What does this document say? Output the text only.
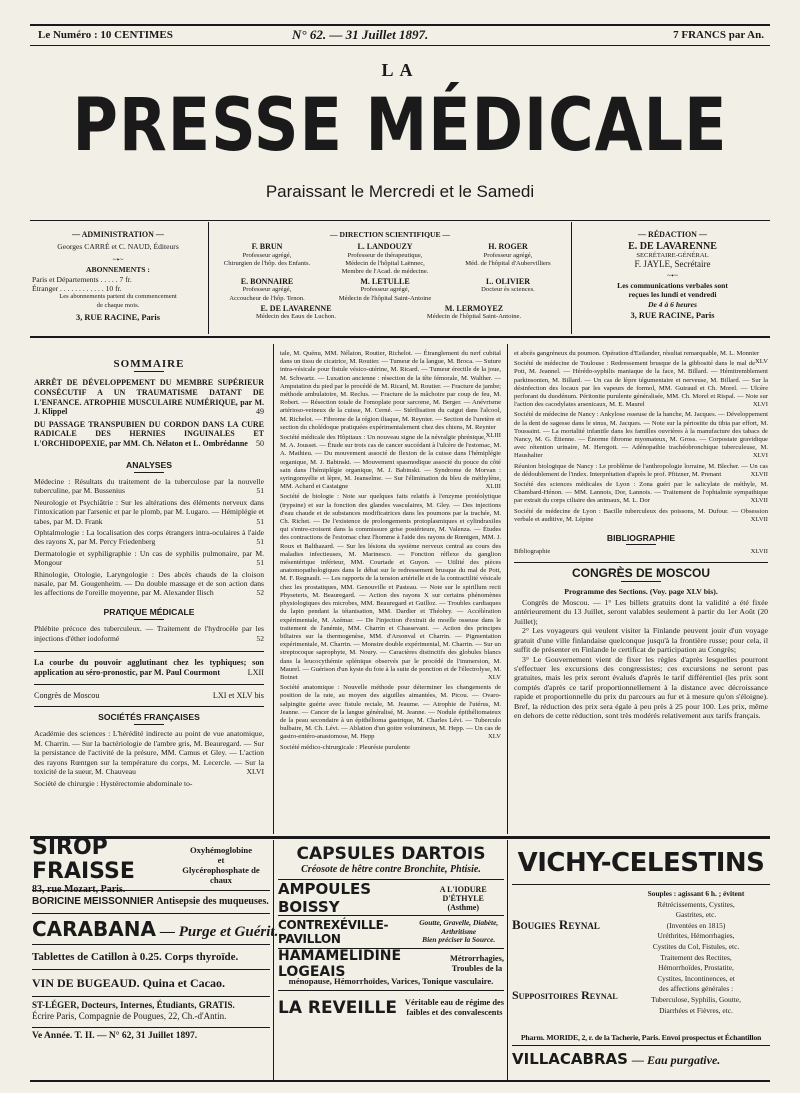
Le Numéro : 10 CENTIMES	N° 62. — 31 Juillet 1897.	7 FRANCS par An.
LA
PRESSE MÉDICALE
Paraissant le Mercredi et le Samedi
— ADMINISTRATION —
Georges CARRÉ et C. NAUD, Éditeurs
~•~
ABONNEMENTS :
Paris et Départements . . . . . 7 fr.
Étranger . . . . . . . . . . . . 10 fr.
Les abonnements partent du commencement
de chaque mois.
3, RUE RACINE, Paris
— DIRECTION SCIENTIFIQUE —
F. BRUN
Professeur agrégé,
Chirurgien de l'hôp. des Enfants.
L. LANDOUZY
Professeur de thérapeutique,
Médecin de l'hôpital Laënnec,
Membre de l'Acad. de médecine.
H. ROGER
Professeur agrégé,
Méd. de l'hôpital d'Aubervilliers
E. BONNAIRE
Professeur agrégé,
Accoucheur de l'hôp. Tenon.
M. LETULLE
Professeur agrégé,
Médecin de l'hôpital Saint-Antoine
L. OLIVIER
Docteur ès sciences.
E. DE LAVARENNE
Médecin des Eaux de Luchon.
M. LERMOYEZ
Médecin de l'hôpital Saint-Antoine.
— RÉDACTION —
E. DE LAVARENNE
SECRÉTAIRE-GÉNÉRAL
F. JAYLE, Secrétaire
~•~
Les communications verbales sont
reçues les lundi et vendredi
De 4 à 6 heures
3, RUE RACINE, Paris
SOMMAIRE

ARRÊT DE DÉVELOPPEMENT DU MEMBRE SUPÉRIEUR CONSÉCUTIF A UN TRAUMATISME DATANT DE L'ENFANCE. ATROPHIE MUSCULAIRE NUMÉRIQUE, par M. J. Klippel	49

DU PASSAGE TRANSPUBIEN DU CORDON DANS LA CURE RADICALE DES HERNIES INGUINALES ET L'ORCHIDOPEXIE, par MM. Ch. Nélaton et L. Ombrédanne 50

ANALYSES

Médecine : Résultats du traitement de la tuberculose par la nouvelle tuberculine, par M. Bussenius	51

Neurologie et Psychiâtrie : Sur les altérations des éléments nerveux dans l'intoxication par l'arsenic et par le plomb, par M. Lugaro. — Hémiplégie et tabes, par M. D. Frank	51

Ophtalmologie : La localisation des corps étrangers intra-oculaires à l'aide des rayons X, par M. Percy Friedenberg	51

Dermatologie et syphiligraphie : Un cas de syphilis pulmonaire, par M. Mongour	51

Rhinologie, Otologie, Laryngologie : Des abcès chauds de la cloison nasale, par M. Gougenheim. — Du double massage et de son action dans les affections de l'oreille moyenne, par M. Alexander Ilisch	52

PRATIQUE MÉDICALE

Phlébite précoce des tuberculeux. — Traitement de l'hydrocèle par les injections d'éther iodoformé	52

La courbe du pouvoir agglutinant chez les typhiques; son application au séro-pronostic, par M. Paul Courmont	LXII

Congrès de Moscou	LXI et XLV bis

SOCIÉTÉS FRANÇAISES

Académie des sciences : L'hérédité indirecte au point de vue anatomique, M. Charrin. — Sur la bactériologie de l'ambre gris, M. Beauregard. — Sur la persistance de l'activité de la présure, MM. Camus et Gley. — L'action des rayons Rœntgen sur la température du corps, M. Lecercle. — Sur la toxicité de la sueur, M. Chauveau	XLVI

Société de chirurgie : Hystérectomie abdominale to-

tale, M. Quénu, MM. Nélaton, Routier, Richelot. — Étranglement du nerf cubital dans un tissu de cicatrice, M. Routier. — Tumeur de la langue, M. Broca. — Suture intra-vésicale pour fistule vésico-utérine, M. Ricard. — Tumeur érectile de la joue, M. Schwartz. — Luxation ancienne : résection de la tête fémorale, M. Walther. — Amputation du pied par le procédé de M. Ricard, M. Routier. — Fracture de jambe; méthode ambulatoire, M. Reclus. — Fracture de la mâchoire par coup de feu, M. Robert. — Résection totale de l'omoplate pour sarcome, M. Berger. — Anévrisme artérioso-veineux de la cuisse, M. Cerné. — Stérilisation du catgut dans l'alcool, M. Richelot. — Fibrome de la région iliaque, M. Reynier. — Section de l'uretère et section du cholédoque pratiquées expérimentalement chez des chiens, M. Reynier
XLIII

Société médicale des Hôpitaux : Un nouveau signe de la névralgie phrénique, M. A. Jousset. — Étude sur trois cas de cancer succédant à l'ulcère de l'estomac, M. A. Mathieu. — Du mouvement associé de flexion de la cuisse dans l'hémiplégie organique, M. J. Babinski. — Mouvement spasmodique associé du pouce du côté sain dans l'hémiplégie organique, M. J. Babinski. — Syndrome de Morvan : syringomyélie et lèpre, M. Jeanselme. — Sur l'élimination du bleu de méthylène, MM. Achard et Castaigne	XLIII

Société de biologie : Note sur quelques faits relatifs à l'enzyme protéolytique (trypsine) et sur la fonction des glandes vasculaires, M. Gley. — Des injections d'eau chaude et de substances modificatrices dans les poumons par la trachée, M. Ch. Richet. — De l'existence de prolongements protoplasmiques et cylindraxiles qui s'entre-croisent dans la commissure grise postérieure, M. Valenza. — Études des contractions de l'estomac chez l'homme à l'aide des rayons de Rœntgen, MM. J. Roux et Balthazard. — Sur les lésions du système nerveux central au cours des maladies infectieuses, M. Marinesco. — Fonction réflexe du ganglion mésentérique inférieur, MM. Courtade et Guyon. — Utilité des pièces anatomopathologiques dans le débat sur le redressement brusque du mal de Pott, M. F. Regnault. — Les rapports de la tension artérielle et de la contractilité vésicale chez les prostatiques, MM. Genouville et Pasteau. — Note sur le spirillum recti Physeteris, M. Beauregard. — Action des rayons X sur certains phénomènes physiologiques des microbes, MM. Beauregard et Guilloz. — Troubles cardiaques du lapin pendant la tétanisation, MM. Dardier et Théobry. — Accélération expérimentale, M. Azémar. — De l'injection d'extrait de moelle osseuse dans le traitement de l'anémie, MM. Charrin et Chassevant. — Action des principes biliaires sur la thermogenèse, MM. d'Arsonval et Charrin. — Pigmentation expérimentale, M. Charrin. — Monstre double expérimental, M. Charrin. — Sur un streptocoque saprophyte, M. Noury. — Caractères distinctifs des globules blancs dans la leucocythémie splénique observés par le procédé de l'immersion, M. Maurel. — Guérison d'un kyste du foie à la suite de ponction et de l'électrolyse, M. Boinet	XLV

Société anatomique : Nouvelle méthode pour déterminer les changements de position de la rate, au moyen des aiguilles aimantées, M. Picou. — Ovaro-salpingite guérie avec fistule rectale, M. Jeaume. — Atrophie de l'utérus, M. Jeanne. — Cancer de la langue généralisé, M. Jeanne. — Nodule épithéliomateux de la peau secondaire à un épithélioma gastrique, M. Charles Lévi. — Tuberculo bulbaire, M. Ch. Lévi. — Ablation d'un goitre volumineux, M. Hepp. — Un cas de gastro-entéro-anastomose, M. Hepp	XLV

Société médico-chirurgicale : Pleurésie purulente

et abcès gangréneux du poumon. Opération d'Estlander, résultat remarquable, M. L. Monnier
XLV

Société de médecine de Toulouse : Redressement brusque de la gibbosité dans le mal de Pott, M. Jeannel. — Hérédo-syphilis maniaque de la face, M. Billard. — Hémitremblement parkinsonien, M. Billard. — Un cas de lèpre tégumentaire et nerveuse, M. Billard. — Sur la désinfection des locaux par les vapeurs de formol, MM. Guiraud et Ch. Morel. — Ulcère perforant du duodénum. Péritonite purulente généralisée, MM. Ch. Morel et Rispal. — Note sur l'action des cacodylates arsenicaux, M. E. Maurel	XLVI

Société de médecine de Nancy : Ankylose osseuse de la hanche, M. Jacques. — Développement de la dent de sagesse dans le sinus, M. Jacques. — Note sur la périostite du tibia par effort, M. Toussaint. — La mortalité infantile dans les familles ouvrières à la manufacture des tabacs de Nancy, M. G. Étienne. — Énorme fibrome myomateux, M. Gross. — Corpostate gravidique avec rétention urinaire, M. Herrgott. — Adénopathie trachéobronchique tuberculeuse, M. Haushalter	XLVI

Réunion biologique de Nancy : Le problème de l'anthropologie lorraine, M. Blecher. — Un cas de dédoublement de l'index. Interprétation d'après le prof. Pfitzner, M. Prenant	XLVII

Société des sciences médicales de Lyon : Zona guéri par le salicylate de méthyle, M. Chambard-Hénon. — MM. Lannois, Dor, Lannois. — Traitement de l'ophtalmie sympathique par extrait du corps ciliaire des animaux, M. L. Dor	XLVII

Société de médecine de Lyon : Bacille tuberculeux des poissons, M. Dufour. — Obsession verbale et auditive, M. Lépine	XLVII

BIBLIOGRAPHIE

Bibliographie	XLVII

CONGRÈS DE MOSCOU

Programme des Sections. (Voy. page XLV bis).

Congrès de Moscou. — 1° Les billets gratuits dont la validité a été fixée antérieurement du 13 Juillet, seront valables seulement à partir du 1er Août (20 Juillet);

2° Les voyageurs qui veulent visiter la Finlande peuvent jouir d'un voyage gratuit d'une ville finlandaise quelconque jusqu'à la frontière russe; pour cela, il suffit de présenter en Finlande le certificat de participation au Congrès;

3° Le Gouvernement vient de fixer les règles d'après lesquelles pourront s'effectuer les excursions des congressistes; ces excursions ne seront pas gratuites, mais les prix seront évalués d'après le tarif différentiel (les prix sont comptés d'après ce tarif proportionnellement à la distance avec décroissance rapide et proportionnelle du prix du parcours au fur et à mesure qu'on s'éloigne). Bref, la réduction des prix sera égale à peu près à 25 pour 100. Les prix, même en dehors de cette réduction, sont très modérés relativement aux tarifs français.

SIROP FRAISSE
83, rue Mozart, Paris.
Oxyhémoglobine
et
Glycérophosphate de chaux
BORICINE MEISSONNIER Antisepsie des muqueuses.
CARABANA — Purge et Guérit.
Tablettes de Catillon à 0.25. Corps thyroïde.
VIN DE BUGEAUD. Quina et Cacao.
ST-LÉGER, Docteurs, Internes, Étudiants, GRATIS.
Écrire Paris, Compagnie de Pougues, 22, Ch.-d'Antin.
Ve Année. T. II. — N° 62, 31 Juillet 1897.
CAPSULES DARTOIS
Créosote de hêtre contre Bronchite, Phtisie.
AMPOULES BOISSY
A L'IODURE D'ÉTHYLE
(Asthme)
CONTREXÉVILLE-PAVILLON
Goutte, Gravelle, Diabète, Arthritisme
Bien préciser la Source.
HAMAMELIDINE LOGEAIS
Métrorrhagies,
Troubles de la
ménopause, Hémorrhoïdes, Varices, Tonique vasculaire.
LA REVEILLE Véritable eau de régime des
faibles et des convalescents
VICHY-CELESTINS
Bougies Reynal
Suppositoires Reynal
Souples : agissant 6 h. ; évitent
Rétrécissements, Cystites,
Gastrites, etc.
(Inventées en 1815)
Uréthrites, Hémorrhagies,
Cystites du Col, Fistules, etc.
Traitement des Rectites,
Hémorrhoïdes, Prostatite,
Cystites, Incontinences, et
des affections générales :
Tuberculose, Syphilis, Goutte,
Diarrhées et Fièvres, etc.
Pharm. MORIDE, 2, r. de la Tacherie, Paris. Envoi prospectus et Échantillon
VILLACABRAS — Eau purgative.
